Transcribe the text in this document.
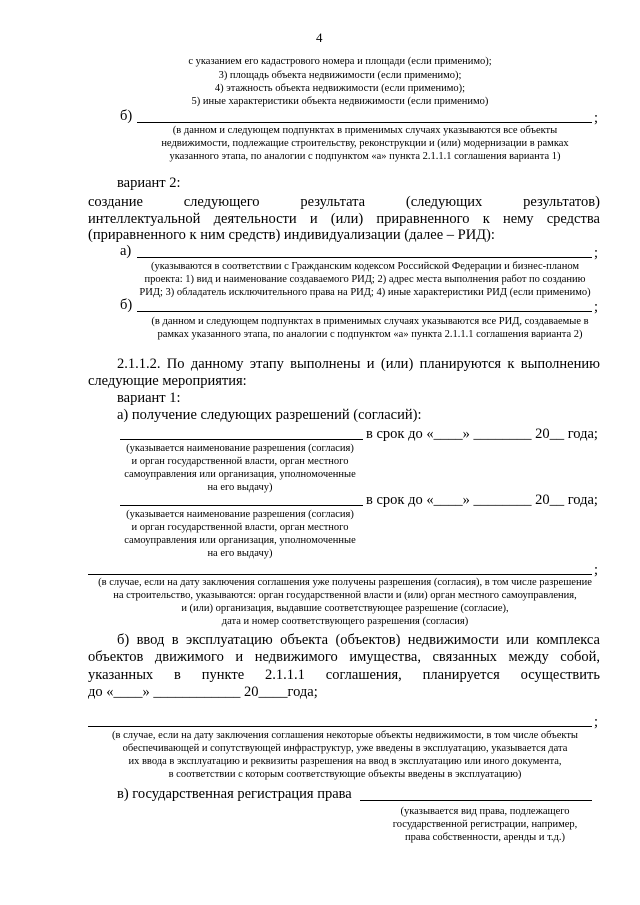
4
с указанием его кадастрового номера и площади (если применимо);
3) площадь объекта недвижимости (если применимо);
4) этажность объекта недвижимости (если применимо);
5) иные характеристики объекта недвижимости (если применимо)
б)	;
(в данном и следующем подпунктах в применимых случаях указываются все объекты
недвижимости, подлежащие строительству, реконструкции и (или) модернизации в рамках
указанного этапа, по аналогии с подпунктом «а» пункта 2.1.1.1 соглашения варианта 1)
вариант 2:
создание	следующего	результата	(следующих	результатов)
интеллектуальной деятельности и (или) приравненного к нему средства
(приравненного к ним средств) индивидуализации (далее – РИД):
а)	;
(указываются в соответствии с Гражданским кодексом Российской Федерации и бизнес-планом
проекта: 1) вид и наименование создаваемого РИД; 2) адрес места выполнения работ по созданию
РИД; 3) обладатель исключительного права на РИД; 4) иные характеристики РИД (если применимо)
б)	;
(в данном и следующем подпунктах в применимых случаях указываются все РИД, создаваемые в
рамках указанного этапа, по аналогии с подпунктом «а» пункта 2.1.1.1 соглашения варианта 2)
2.1.1.2. По данному этапу выполнены и (или) планируются к выполнению
следующие мероприятия:
вариант 1:
а) получение следующих разрешений (согласий):
в срок до «____» ________ 20__ года;
(указывается наименование разрешения (согласия)
и орган государственной власти, орган местного
самоуправления или организация, уполномоченные
на его выдачу)
в срок до «____» ________ 20__ года;
(указывается наименование разрешения (согласия)
и орган государственной власти, орган местного
самоуправления или организация, уполномоченные
на его выдачу)
;
(в случае, если на дату заключения соглашения уже получены разрешения (согласия), в том числе разрешение
на строительство, указываются: орган государственной власти и (или) орган местного самоуправления,
и (или) организация, выдавшие соответствующее разрешение (согласие),
дата и номер соответствующего разрешения (согласия)
б) ввод в эксплуатацию объекта (объектов) недвижимости или комплекса
объектов движимого и недвижимого имущества, связанных между собой,
указанных в пункте 2.1.1.1 соглашения, планируется осуществить
до «____» ____________ 20____года;
;
(в случае, если на дату заключения соглашения некоторые объекты недвижимости, в том числе объекты
обеспечивающей и сопутствующей инфраструктур, уже введены в эксплуатацию, указывается дата
их ввода в эксплуатацию и реквизиты разрешения на ввод в эксплуатацию или иного документа,
в соответствии с которым соответствующие объекты введены в эксплуатацию)
в) государственная регистрация права
(указывается вид права, подлежащего
государственной регистрации, например,
права собственности, аренды и т.д.)
